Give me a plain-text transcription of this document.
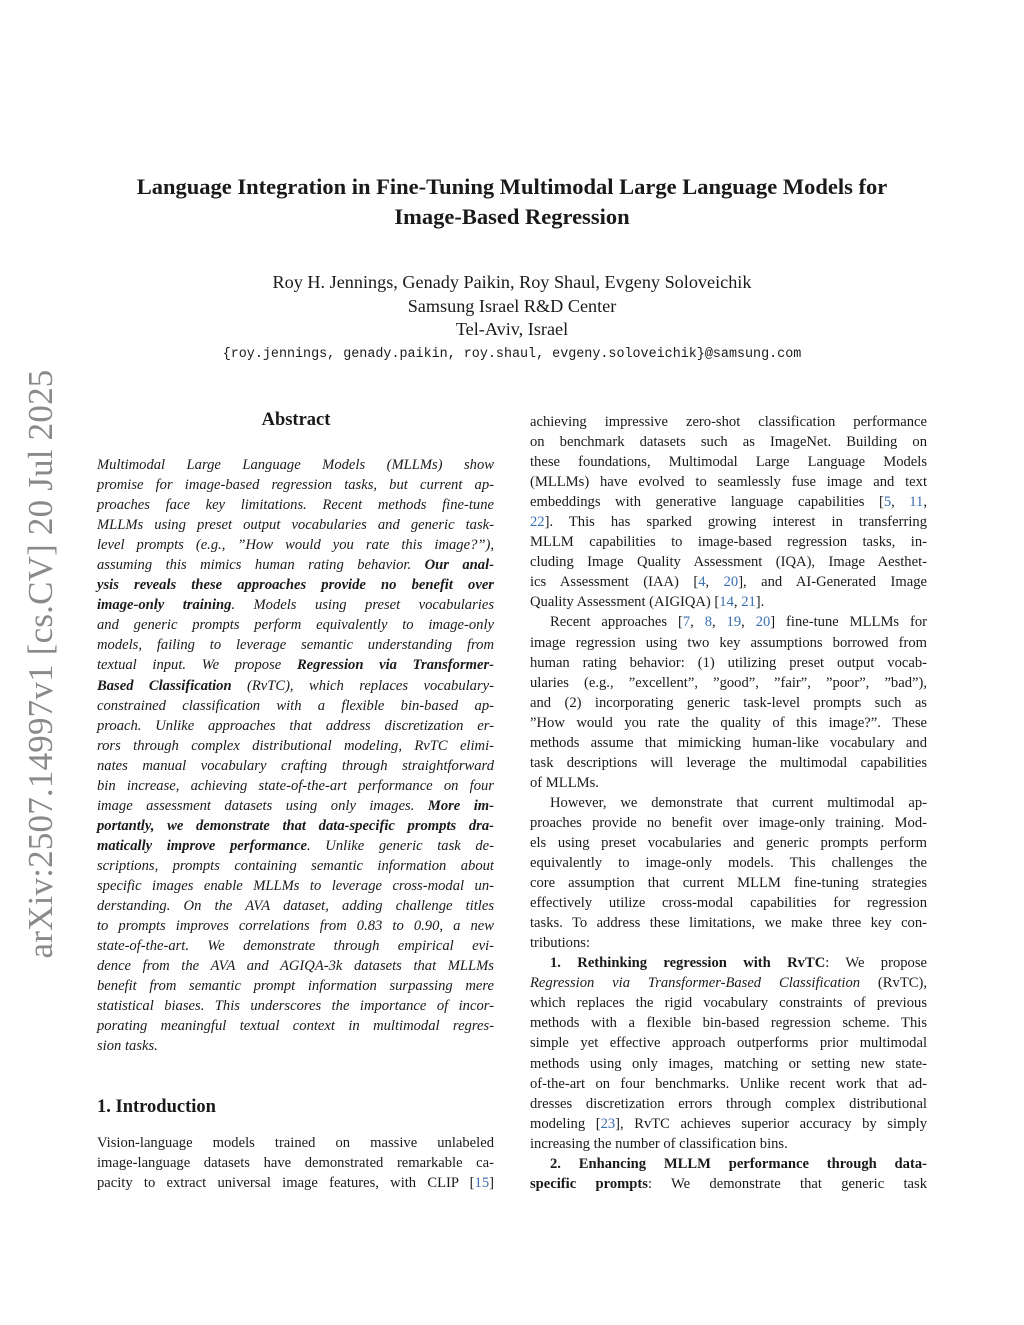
arXiv:2507.14997v1 [cs.CV] 20 Jul 2025
Language Integration in Fine-Tuning Multimodal Large Language Models for
Image-Based Regression
Roy H. Jennings, Genady Paikin, Roy Shaul, Evgeny Soloveichik
Samsung Israel R&D Center
Tel-Aviv, Israel
{roy.jennings, genady.paikin, roy.shaul, evgeny.soloveichik}@samsung.com
Abstract
Multimodal Large Language Models (MLLMs) show
promise for image-based regression tasks, but current ap-
proaches face key limitations. Recent methods fine-tune
MLLMs using preset output vocabularies and generic task-
level prompts (e.g., ”How would you rate this image?”),
assuming this mimics human rating behavior. Our anal-
ysis reveals these approaches provide no benefit over
image-only training. Models using preset vocabularies
and generic prompts perform equivalently to image-only
models, failing to leverage semantic understanding from
textual input. We propose Regression via Transformer-
Based Classification (RvTC), which replaces vocabulary-
constrained classification with a flexible bin-based ap-
proach. Unlike approaches that address discretization er-
rors through complex distributional modeling, RvTC elimi-
nates manual vocabulary crafting through straightforward
bin increase, achieving state-of-the-art performance on four
image assessment datasets using only images. More im-
portantly, we demonstrate that data-specific prompts dra-
matically improve performance. Unlike generic task de-
scriptions, prompts containing semantic information about
specific images enable MLLMs to leverage cross-modal un-
derstanding. On the AVA dataset, adding challenge titles
to prompts improves correlations from 0.83 to 0.90, a new
state-of-the-art. We demonstrate through empirical evi-
dence from the AVA and AGIQA-3k datasets that MLLMs
benefit from semantic prompt information surpassing mere
statistical biases. This underscores the importance of incor-
porating meaningful textual context in multimodal regres-
sion tasks.
1. Introduction
Vision-language models trained on massive unlabeled
image-language datasets have demonstrated remarkable ca-
pacity to extract universal image features, with CLIP [15]
achieving impressive zero-shot classification performance
on benchmark datasets such as ImageNet. Building on
these foundations, Multimodal Large Language Models
(MLLMs) have evolved to seamlessly fuse image and text
embeddings with generative language capabilities [5, 11,
22]. This has sparked growing interest in transferring
MLLM capabilities to image-based regression tasks, in-
cluding Image Quality Assessment (IQA), Image Aesthet-
ics Assessment (IAA) [4, 20], and AI-Generated Image
Quality Assessment (AIGIQA) [14, 21].
Recent approaches [7, 8, 19, 20] fine-tune MLLMs for
image regression using two key assumptions borrowed from
human rating behavior: (1) utilizing preset output vocab-
ularies (e.g., ”excellent”, ”good”, ”fair”, ”poor”, ”bad”),
and (2) incorporating generic task-level prompts such as
”How would you rate the quality of this image?”. These
methods assume that mimicking human-like vocabulary and
task descriptions will leverage the multimodal capabilities
of MLLMs.
However, we demonstrate that current multimodal ap-
proaches provide no benefit over image-only training. Mod-
els using preset vocabularies and generic prompts perform
equivalently to image-only models. This challenges the
core assumption that current MLLM fine-tuning strategies
effectively utilize cross-modal capabilities for regression
tasks. To address these limitations, we make three key con-
tributions:
1. Rethinking regression with RvTC: We propose
Regression via Transformer-Based Classification (RvTC),
which replaces the rigid vocabulary constraints of previous
methods with a flexible bin-based regression scheme. This
simple yet effective approach outperforms prior multimodal
methods using only images, matching or setting new state-
of-the-art on four benchmarks. Unlike recent work that ad-
dresses discretization errors through complex distributional
modeling [23], RvTC achieves superior accuracy by simply
increasing the number of classification bins.
2. Enhancing MLLM performance through data-
specific prompts: We demonstrate that generic task
